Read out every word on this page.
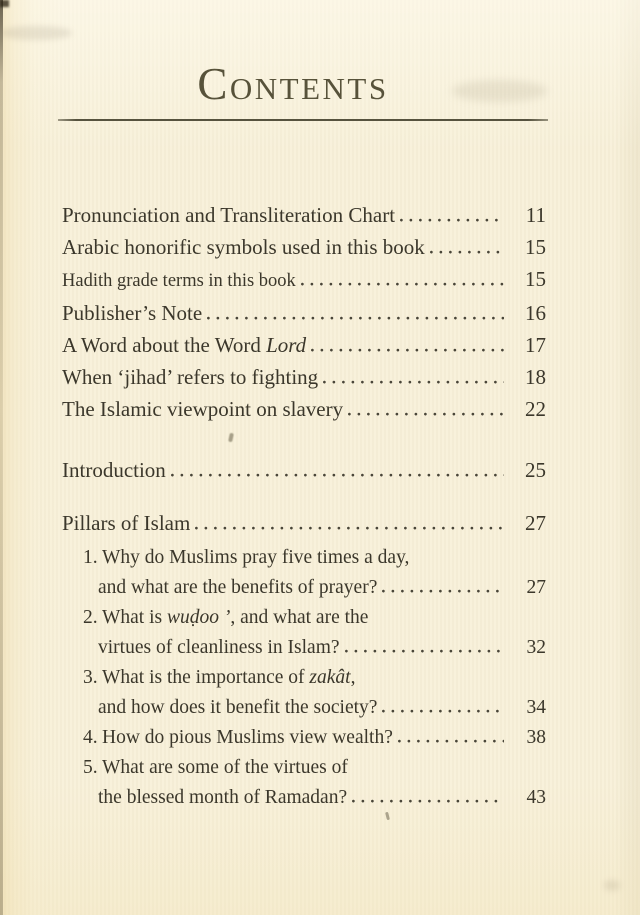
CONTENTS
Pronunciation and Transliteration Chart	11
Arabic honorific symbols used in this book	15
Hadith grade terms in this book	15
Publisher’s Note	16
A Word about the Word Lord	17
When ‘jihad’ refers to fighting	18
The Islamic viewpoint on slavery	22
Introduction	25
Pillars of Islam	27
1. Why do Muslims pray five times a day,
and what are the benefits of prayer?	27
2. What is wuḍoo ’, and what are the
virtues of cleanliness in Islam?	32
3. What is the importance of zakât,
and how does it benefit the society?	34
4. How do pious Muslims view wealth?	38
5. What are some of the virtues of
the blessed month of Ramadan?	43
